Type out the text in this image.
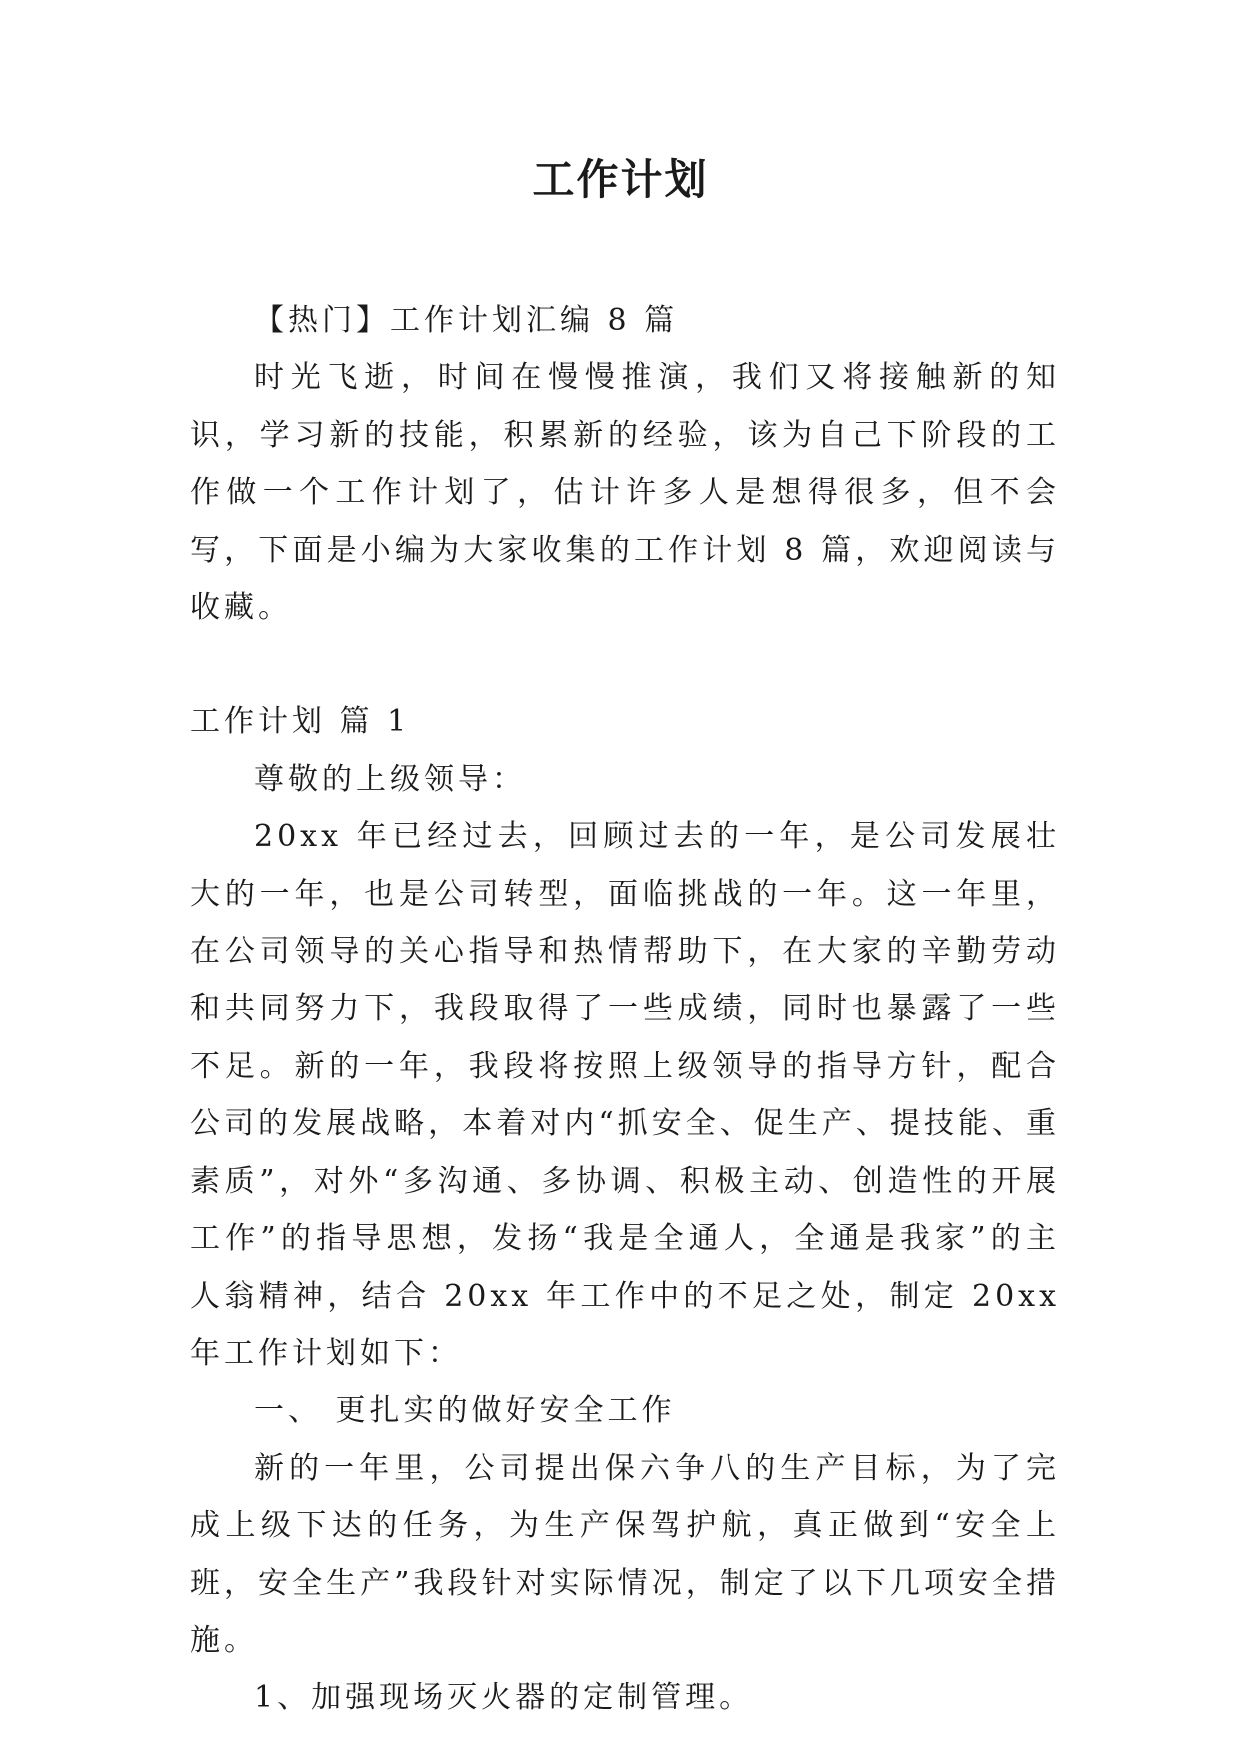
工作计划

【热门】工作计划汇编 8 篇

时光飞逝，时间在慢慢推演，我们又将接触新的知识，学习新的技能，积累新的经验，该为自己下阶段的工作做一个工作计划了，估计许多人是想得很多，但不会写，下面是小编为大家收集的工作计划 8 篇，欢迎阅读与收藏。

工作计划 篇 1

尊敬的上级领导：

20xx 年已经过去，回顾过去的一年，是公司发展壮大的一年，也是公司转型，面临挑战的一年。这一年里，在公司领导的关心指导和热情帮助下，在大家的辛勤劳动和共同努力下，我段取得了一些成绩，同时也暴露了一些不足。新的一年，我段将按照上级领导的指导方针，配合公司的发展战略，本着对内“抓安全、促生产、提技能、重素质”，对外“多沟通、多协调、积极主动、创造性的开展工作”的指导思想，发扬“我是全通人，全通是我家”的主人翁精神，结合 20xx 年工作中的不足之处，制定 20xx 年工作计划如下：

一、 更扎实的做好安全工作

新的一年里，公司提出保六争八的生产目标，为了完成上级下达的任务，为生产保驾护航，真正做到“安全上班，安全生产”我段针对实际情况，制定了以下几项安全措施。

1、加强现场灭火器的定制管理。
